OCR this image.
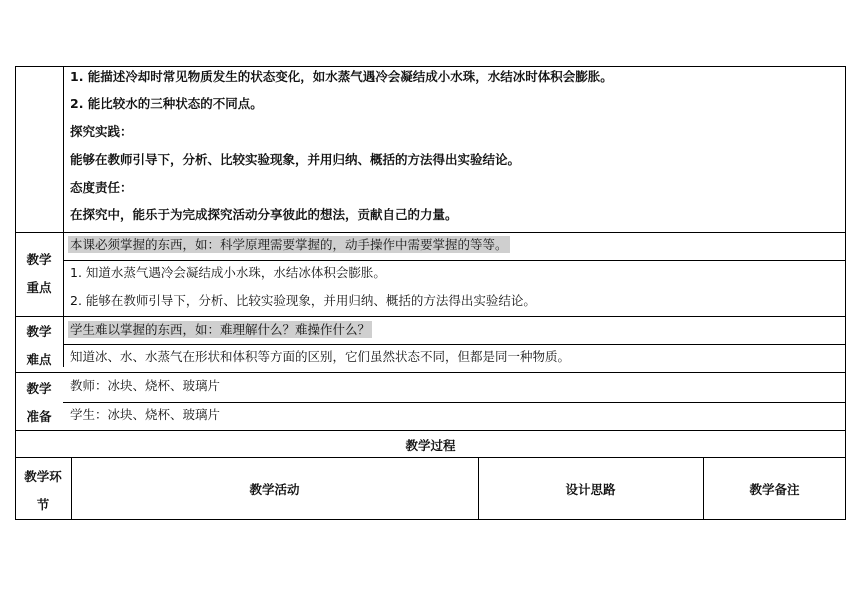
1. 能描述冷却时常见物质发生的状态变化，如水蒸气遇冷会凝结成小水珠，水结冰时体积会膨胀。
2. 能比较水的三种状态的不同点。
探究实践：
能够在教师引导下，分析、比较实验现象，并用归纳、概括的方法得出实验结论。
态度责任：
在探究中，能乐于为完成探究活动分享彼此的想法，贡献自己的力量。
教学
重点
本课必须掌握的东西，如：科学原理需要掌握的，动手操作中需要掌握的等等。
1. 知道水蒸气遇冷会凝结成小水珠，水结冰体积会膨胀。
2. 能够在教师引导下，分析、比较实验现象，并用归纳、概括的方法得出实验结论。
教学
难点
学生难以掌握的东西，如：难理解什么？难操作什么？
知道冰、水、水蒸气在形状和体积等方面的区别，它们虽然状态不同，但都是同一种物质。
教学
准备
教师：冰块、烧杯、玻璃片
学生：冰块、烧杯、玻璃片
教学过程
教学环
节
教学活动	设计思路	教学备注
